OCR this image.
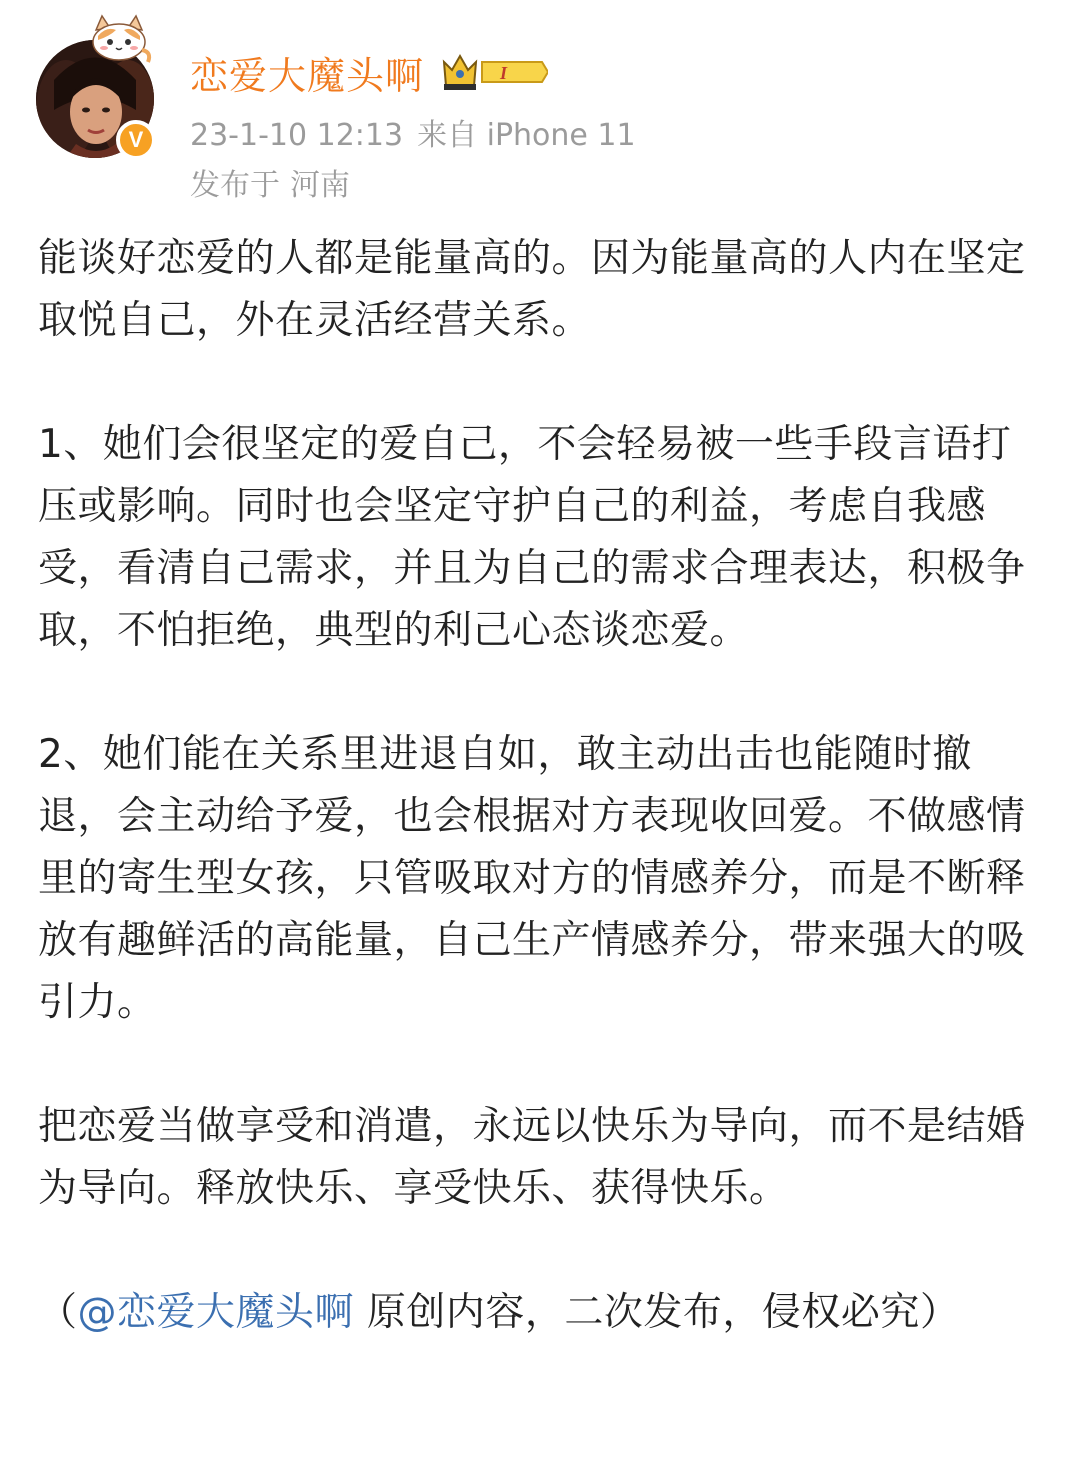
V
恋爱大魔头啊	I
23-1-10 12:13 来自 iPhone 11
发布于 河南

能谈好恋爱的人都是能量高的。因为能量高的人内在坚定取悦自己，外在灵活经营关系。

1、她们会很坚定的爱自己，不会轻易被一些手段言语打压或影响。同时也会坚定守护自己的利益，考虑自我感受，看清自己需求，并且为自己的需求合理表达，积极争取，不怕拒绝，典型的利己心态谈恋爱。

2、她们能在关系里进退自如，敢主动出击也能随时撤退，会主动给予爱，也会根据对方表现收回爱。不做感情里的寄生型女孩，只管吸取对方的情感养分，而是不断释放有趣鲜活的高能量，自己生产情感养分，带来强大的吸引力。

把恋爱当做享受和消遣，永远以快乐为导向，而不是结婚为导向。释放快乐、享受快乐、获得快乐。

（@恋爱大魔头啊 原创内容，二次发布，侵权必究）
